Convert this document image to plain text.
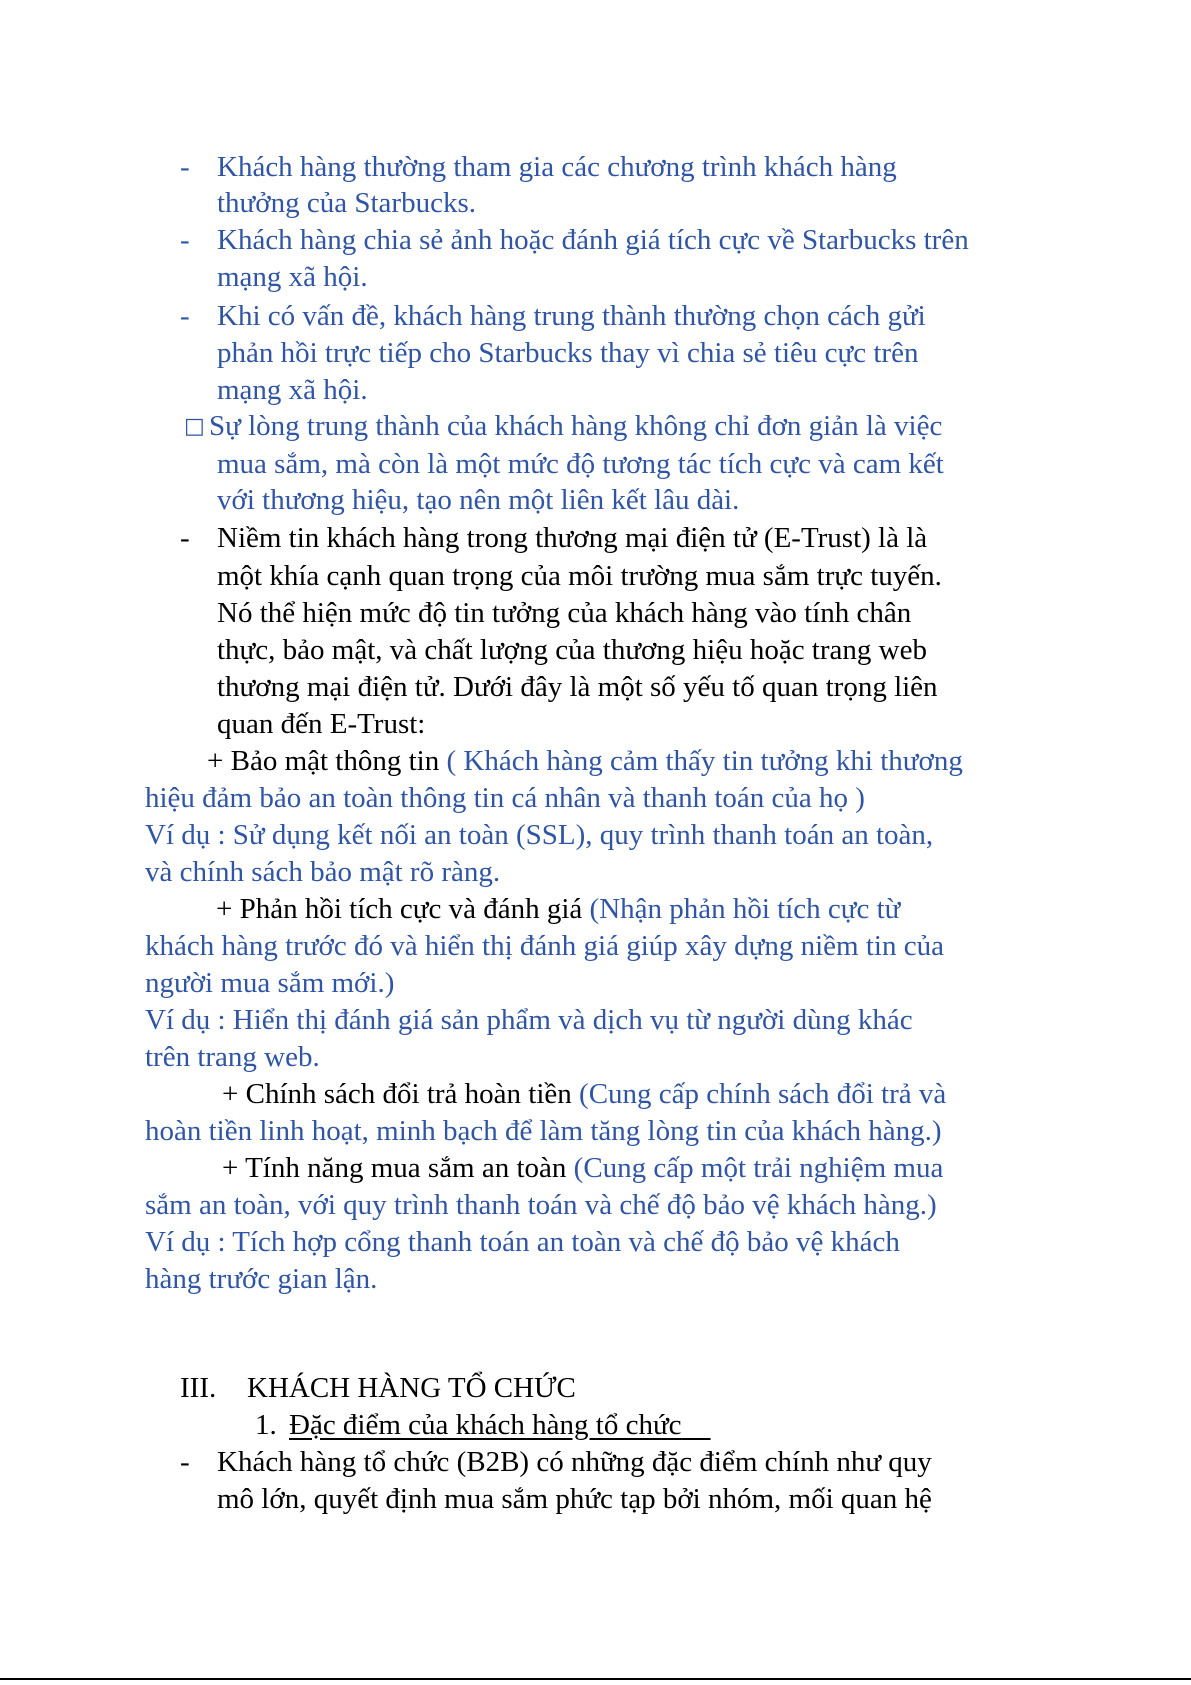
- Khách hàng thường tham gia các chương trình khách hàng
thưởng của Starbucks.
- Khách hàng chia sẻ ảnh hoặc đánh giá tích cực về Starbucks trên
mạng xã hội.
- Khi có vấn đề, khách hàng trung thành thường chọn cách gửi
phản hồi trực tiếp cho Starbucks thay vì chia sẻ tiêu cực trên
mạng xã hội.
□ Sự lòng trung thành của khách hàng không chỉ đơn giản là việc
mua sắm, mà còn là một mức độ tương tác tích cực và cam kết
với thương hiệu, tạo nên một liên kết lâu dài.
- Niềm tin khách hàng trong thương mại điện tử (E-Trust) là là
một khía cạnh quan trọng của môi trường mua sắm trực tuyến.
Nó thể hiện mức độ tin tưởng của khách hàng vào tính chân
thực, bảo mật, và chất lượng của thương hiệu hoặc trang web
thương mại điện tử. Dưới đây là một số yếu tố quan trọng liên
quan đến E-Trust:
+ Bảo mật thông tin ( Khách hàng cảm thấy tin tưởng khi thương
hiệu đảm bảo an toàn thông tin cá nhân và thanh toán của họ )
Ví dụ : Sử dụng kết nối an toàn (SSL), quy trình thanh toán an toàn,
và chính sách bảo mật rõ ràng.
+ Phản hồi tích cực và đánh giá (Nhận phản hồi tích cực từ
khách hàng trước đó và hiển thị đánh giá giúp xây dựng niềm tin của
người mua sắm mới.)
Ví dụ : Hiển thị đánh giá sản phẩm và dịch vụ từ người dùng khác
trên trang web.
+ Chính sách đổi trả hoàn tiền (Cung cấp chính sách đổi trả và
hoàn tiền linh hoạt, minh bạch để làm tăng lòng tin của khách hàng.)
+ Tính năng mua sắm an toàn (Cung cấp một trải nghiệm mua
sắm an toàn, với quy trình thanh toán và chế độ bảo vệ khách hàng.)
Ví dụ : Tích hợp cổng thanh toán an toàn và chế độ bảo vệ khách
hàng trước gian lận.
III. KHÁCH HÀNG TỔ CHỨC
1. Đặc điểm của khách hàng tổ chức
- Khách hàng tổ chức (B2B) có những đặc điểm chính như quy
mô lớn, quyết định mua sắm phức tạp bởi nhóm, mối quan hệ
